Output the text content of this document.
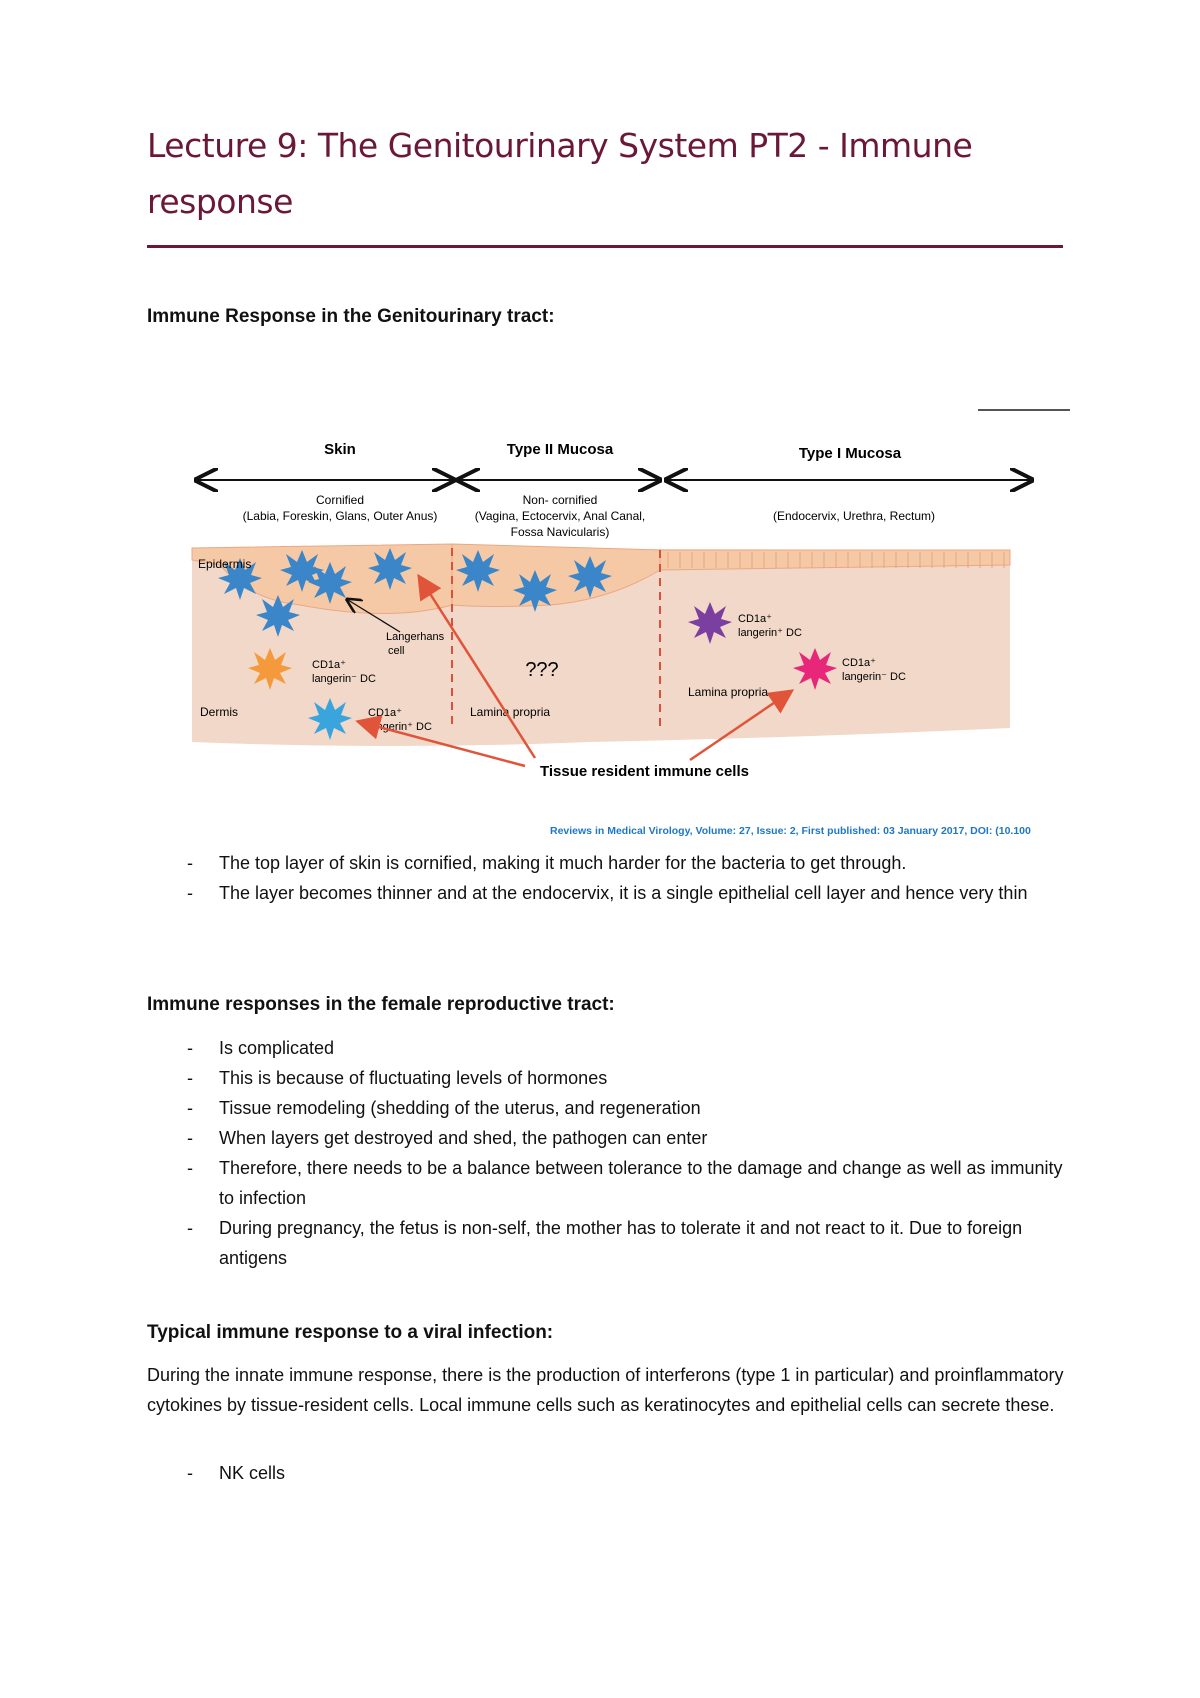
Lecture 9: The Genitourinary System PT2 - Immune response
Immune Response in the Genitourinary tract:
Skin	Type II Mucosa	Type I Mucosa
Cornified
(Labia, Foreskin, Glans, Outer Anus)
Non- cornified
(Vagina, Ectocervix, Anal Canal,
Fossa Navicularis)
(Endocervix, Urethra, Rectum)
Epidermis
Dermis	Lamina propria
Lamina propria
Langerhans
cell
CD1a⁺
langerin⁻ DC
CD1a⁺
langerin⁺ DC
CD1a⁺
langerin⁺ DC
CD1a⁺
langerin⁻ DC
???
Tissue resident immune cells
Reviews in Medical Virology, Volume: 27, Issue: 2, First published: 03 January 2017, DOI: (10.100
- The top layer of skin is cornified, making it much harder for the bacteria to get through.
- The layer becomes thinner and at the endocervix, it is a single epithelial cell layer and hence very thin
Immune responses in the female reproductive tract:
- Is complicated
- This is because of fluctuating levels of hormones
- Tissue remodeling (shedding of the uterus, and regeneration
- When layers get destroyed and shed, the pathogen can enter
- Therefore, there needs to be a balance between tolerance to the damage and change as well as immunity to infection
- During pregnancy, the fetus is non-self, the mother has to tolerate it and not react to it. Due to foreign antigens
Typical immune response to a viral infection:

During the innate immune response, there is the production of interferons (type 1 in particular) and proinflammatory cytokines by tissue-resident cells. Local immune cells such as keratinocytes and epithelial cells can secrete these.

- NK cells
